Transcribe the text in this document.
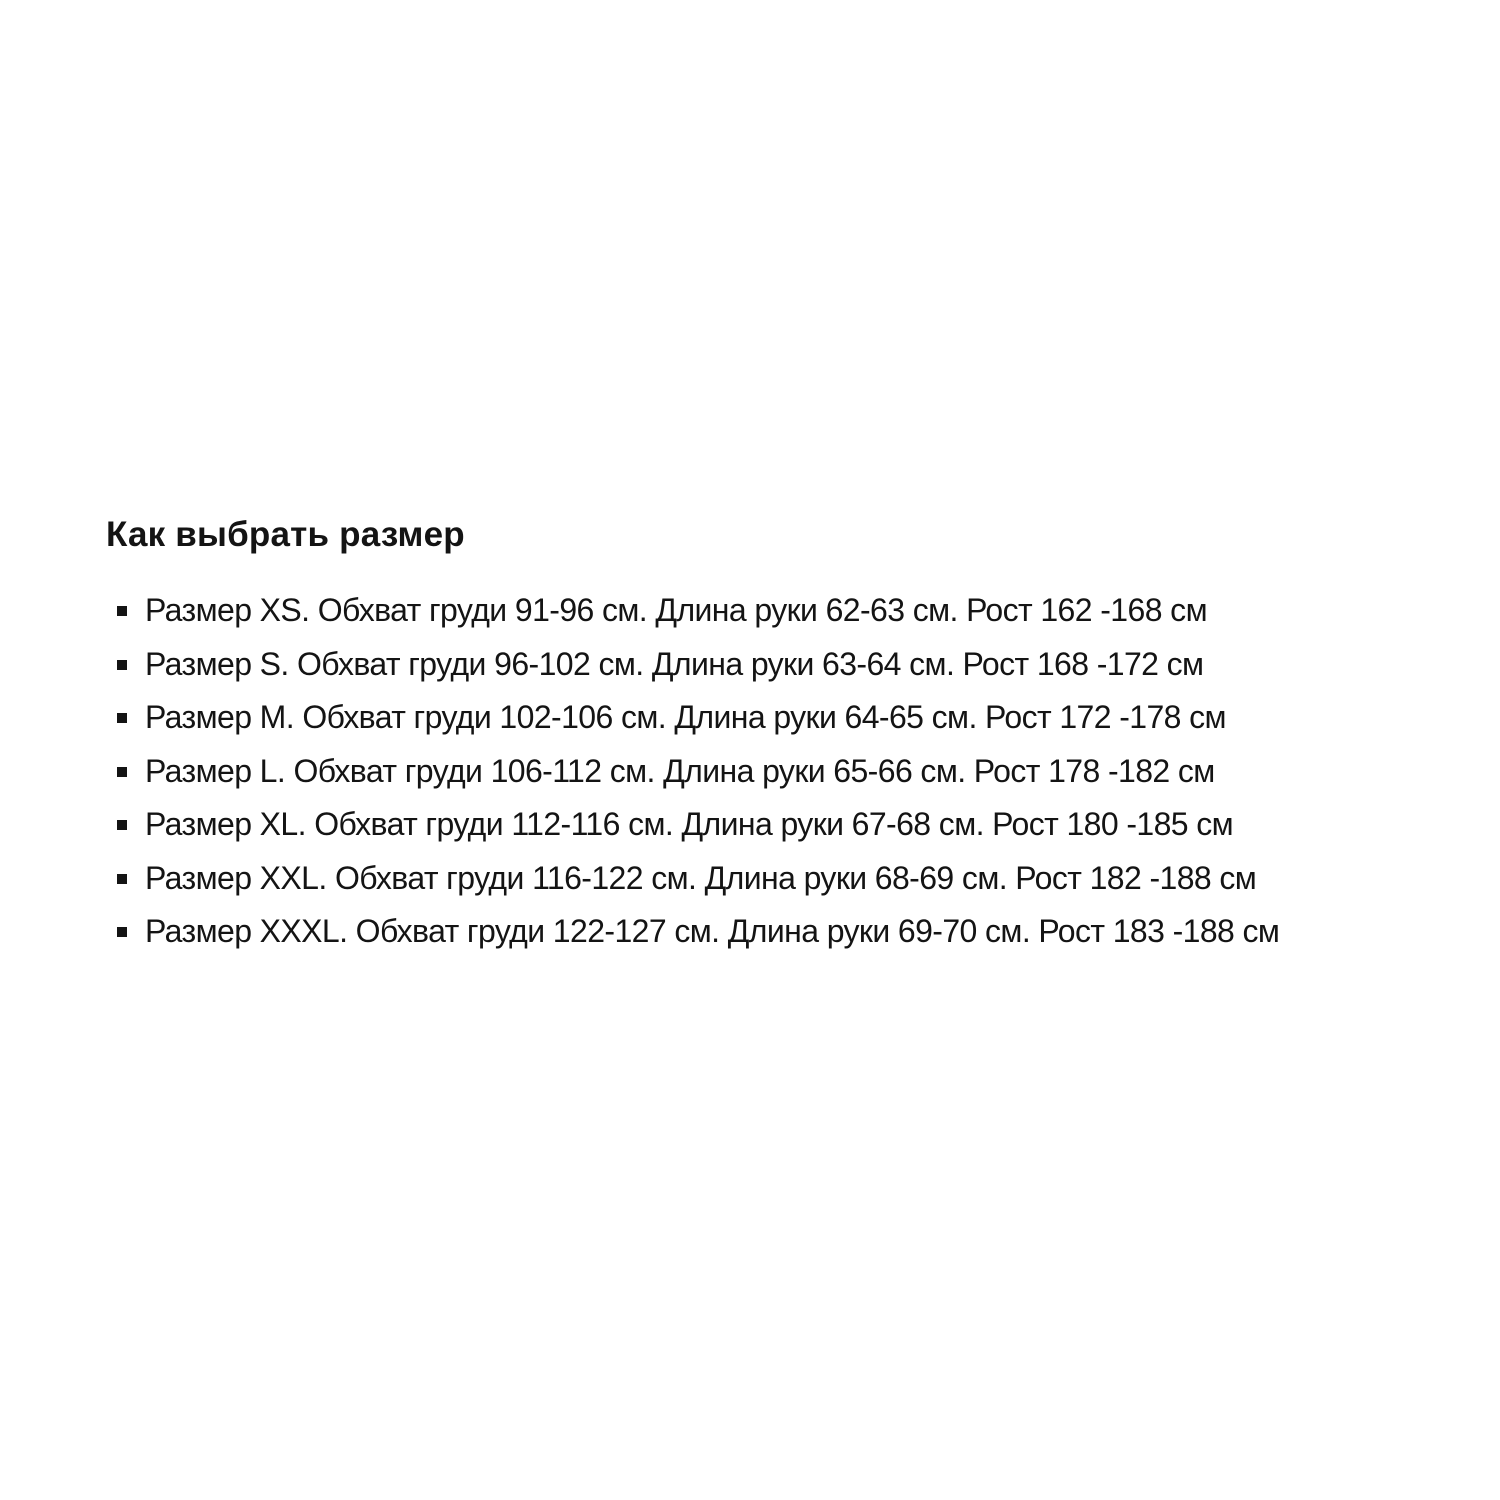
Как выбрать размер
Размер XS. Обхват груди 91-96 см. Длина руки 62-63 см. Рост 162 -168 см
Размер S. Обхват груди 96-102 см. Длина руки 63-64 см. Рост 168 -172 см
Размер M. Обхват груди 102-106 см. Длина руки 64-65 см. Рост 172 -178 см
Размер L. Обхват груди 106-112 см. Длина руки 65-66 см. Рост 178 -182 см
Размер XL. Обхват груди 112-116 см. Длина руки 67-68 см. Рост 180 -185 см
Размер XXL. Обхват груди 116-122 см. Длина руки 68-69 см. Рост 182 -188 см
Размер XXXL. Обхват груди 122-127 см. Длина руки 69-70 см. Рост 183 -188 см
